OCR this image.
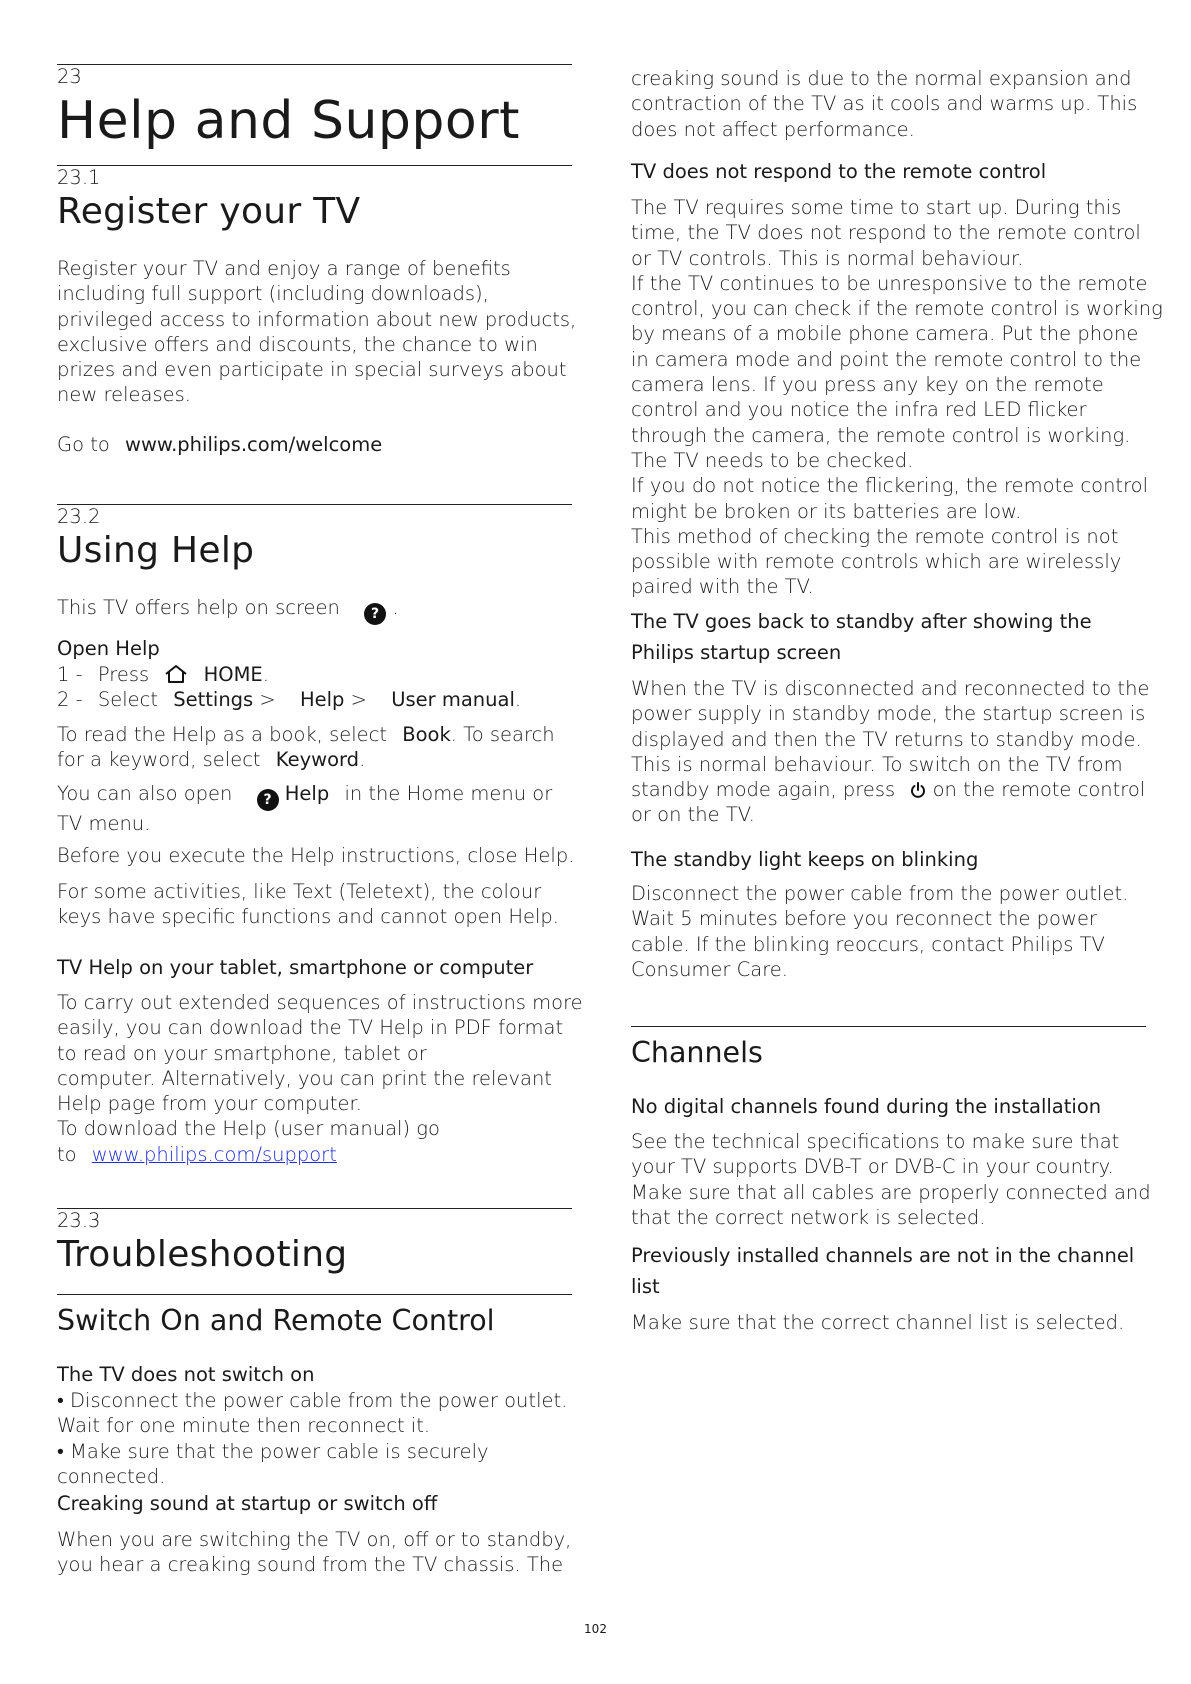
23
Help and Support
23.1
Register your TV

Register your TV and enjoy a range of benefits

including full support (including downloads),

privileged access to information about new products,

exclusive offers and discounts, the chance to win

prizes and even participate in special surveys about

new releases.

Go to www.philips.com/welcome

23.2
Using Help

This TV offers help on screen ? .

Open Help

1 - Press	HOME.

2 - Select Settings > Help > User manual.

To read the Help as a book, select Book. To search

for a keyword, select Keyword.

You can also open ? Help in the Home menu or

TV menu.

Before you execute the Help instructions, close Help.

For some activities, like Text (Teletext), the colour

keys have specific functions and cannot open Help.

TV Help on your tablet, smartphone or computer

To carry out extended sequences of instructions more

easily, you can download the TV Help in PDF format

to read on your smartphone, tablet or

computer. Alternatively, you can print the relevant

Help page from your computer.

To download the Help (user manual) go

to www.philips.com/support

23.3
Troubleshooting
Switch On and Remote Control

The TV does not switch on

• Disconnect the power cable from the power outlet.

Wait for one minute then reconnect it.

• Make sure that the power cable is securely

connected.

Creaking sound at startup or switch off

When you are switching the TV on, off or to standby,

you hear a creaking sound from the TV chassis. The

creaking sound is due to the normal expansion and

contraction of the TV as it cools and warms up. This

does not affect performance.

TV does not respond to the remote control

The TV requires some time to start up. During this

time, the TV does not respond to the remote control

or TV controls. This is normal behaviour.

If the TV continues to be unresponsive to the remote

control, you can check if the remote control is working

by means of a mobile phone camera. Put the phone

in camera mode and point the remote control to the

camera lens. If you press any key on the remote

control and you notice the infra red LED flicker

through the camera, the remote control is working.

The TV needs to be checked.

If you do not notice the flickering, the remote control

might be broken or its batteries are low.

This method of checking the remote control is not

possible with remote controls which are wirelessly

paired with the TV.

The TV goes back to standby after showing the

Philips startup screen

When the TV is disconnected and reconnected to the

power supply in standby mode, the startup screen is

displayed and then the TV returns to standby mode.

This is normal behaviour. To switch on the TV from

standby mode again, press on the remote control

or on the TV.

The standby light keeps on blinking

Disconnect the power cable from the power outlet.

Wait 5 minutes before you reconnect the power

cable. If the blinking reoccurs, contact Philips TV

Consumer Care.

Channels

No digital channels found during the installation

See the technical specifications to make sure that

your TV supports DVB-T or DVB-C in your country.

Make sure that all cables are properly connected and

that the correct network is selected.

Previously installed channels are not in the channel

list

Make sure that the correct channel list is selected.

102
